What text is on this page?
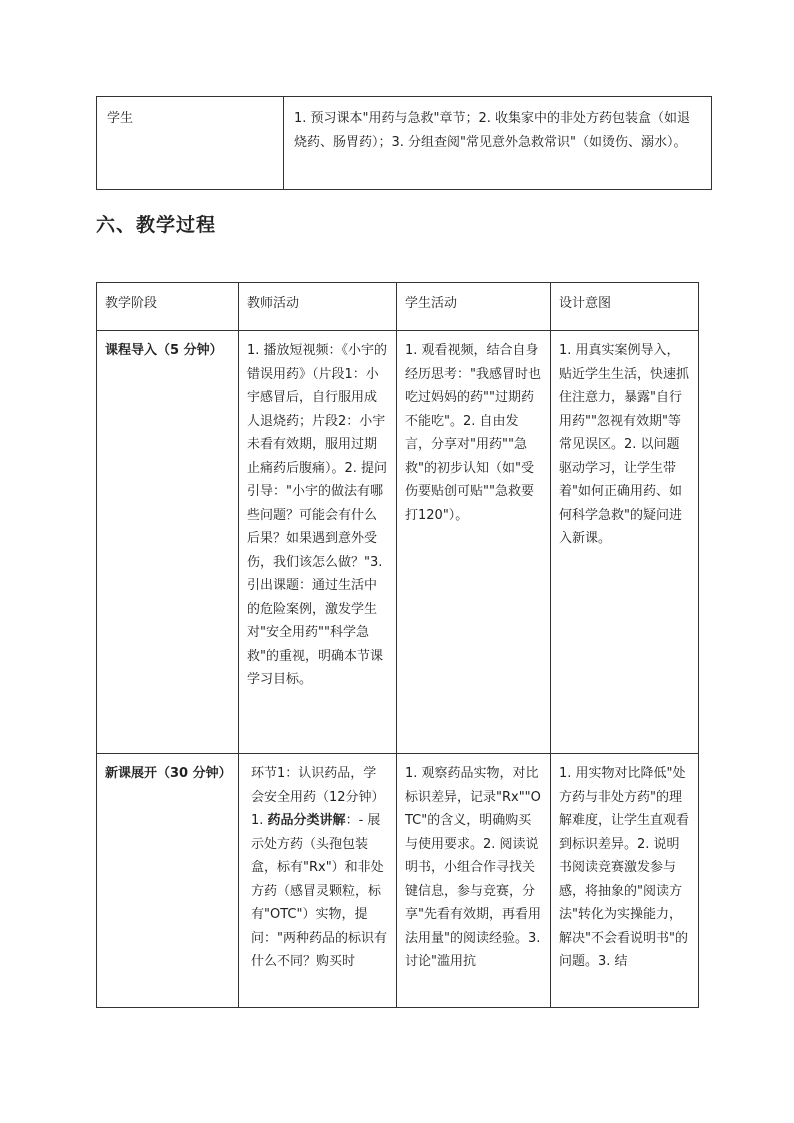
学生	1. 预习课本"用药与急救"章节；2. 收集家中的非处方药包装盒（如退烧药、肠胃药）；3. 分组查阅"常见意外急救常识"（如烫伤、溺水）。
六、教学过程
教学阶段	教师活动	学生活动	设计意图
课程导入（5 分钟）	1. 播放短视频：《小宇的错误用药》（片段1：小宇感冒后，自行服用成人退烧药；片段2：小宇未看有效期，服用过期止痛药后腹痛）。2. 提问引导："小宇的做法有哪些问题？可能会有什么后果？如果遇到意外受伤，我们该怎么做？"3. 引出课题：通过生活中的危险案例，激发学生对"安全用药""科学急救"的重视，明确本节课学习目标。	1. 观看视频，结合自身经历思考："我感冒时也吃过妈妈的药""过期药不能吃"。2. 自由发言，分享对"用药""急救"的初步认知（如"受伤要贴创可贴""急救要打120"）。	1. 用真实案例导入，贴近学生生活，快速抓住注意力，暴露"自行用药""忽视有效期"等常见误区。2. 以问题驱动学习，让学生带着"如何正确用药、如何科学急救"的疑问进入新课。
新课展开（30 分钟）	环节1：认识药品，学会安全用药（12分钟）1. 药品分类讲解：- 展示处方药（头孢包装盒，标有"Rx"）和非处方药（感冒灵颗粒，标有"OTC"）实物，提问："两种药品的标识有什么不同？购买时	1. 观察药品实物，对比标识差异，记录"Rx""OTC"的含义，明确购买与使用要求。2. 阅读说明书，小组合作寻找关键信息，参与竞赛，分享"先看有效期，再看用法用量"的阅读经验。3. 讨论"滥用抗	1. 用实物对比降低"处方药与非处方药"的理解难度，让学生直观看到标识差异。2. 说明书阅读竞赛激发参与感，将抽象的"阅读方法"转化为实操能力，解决"不会看说明书"的问题。3. 结
